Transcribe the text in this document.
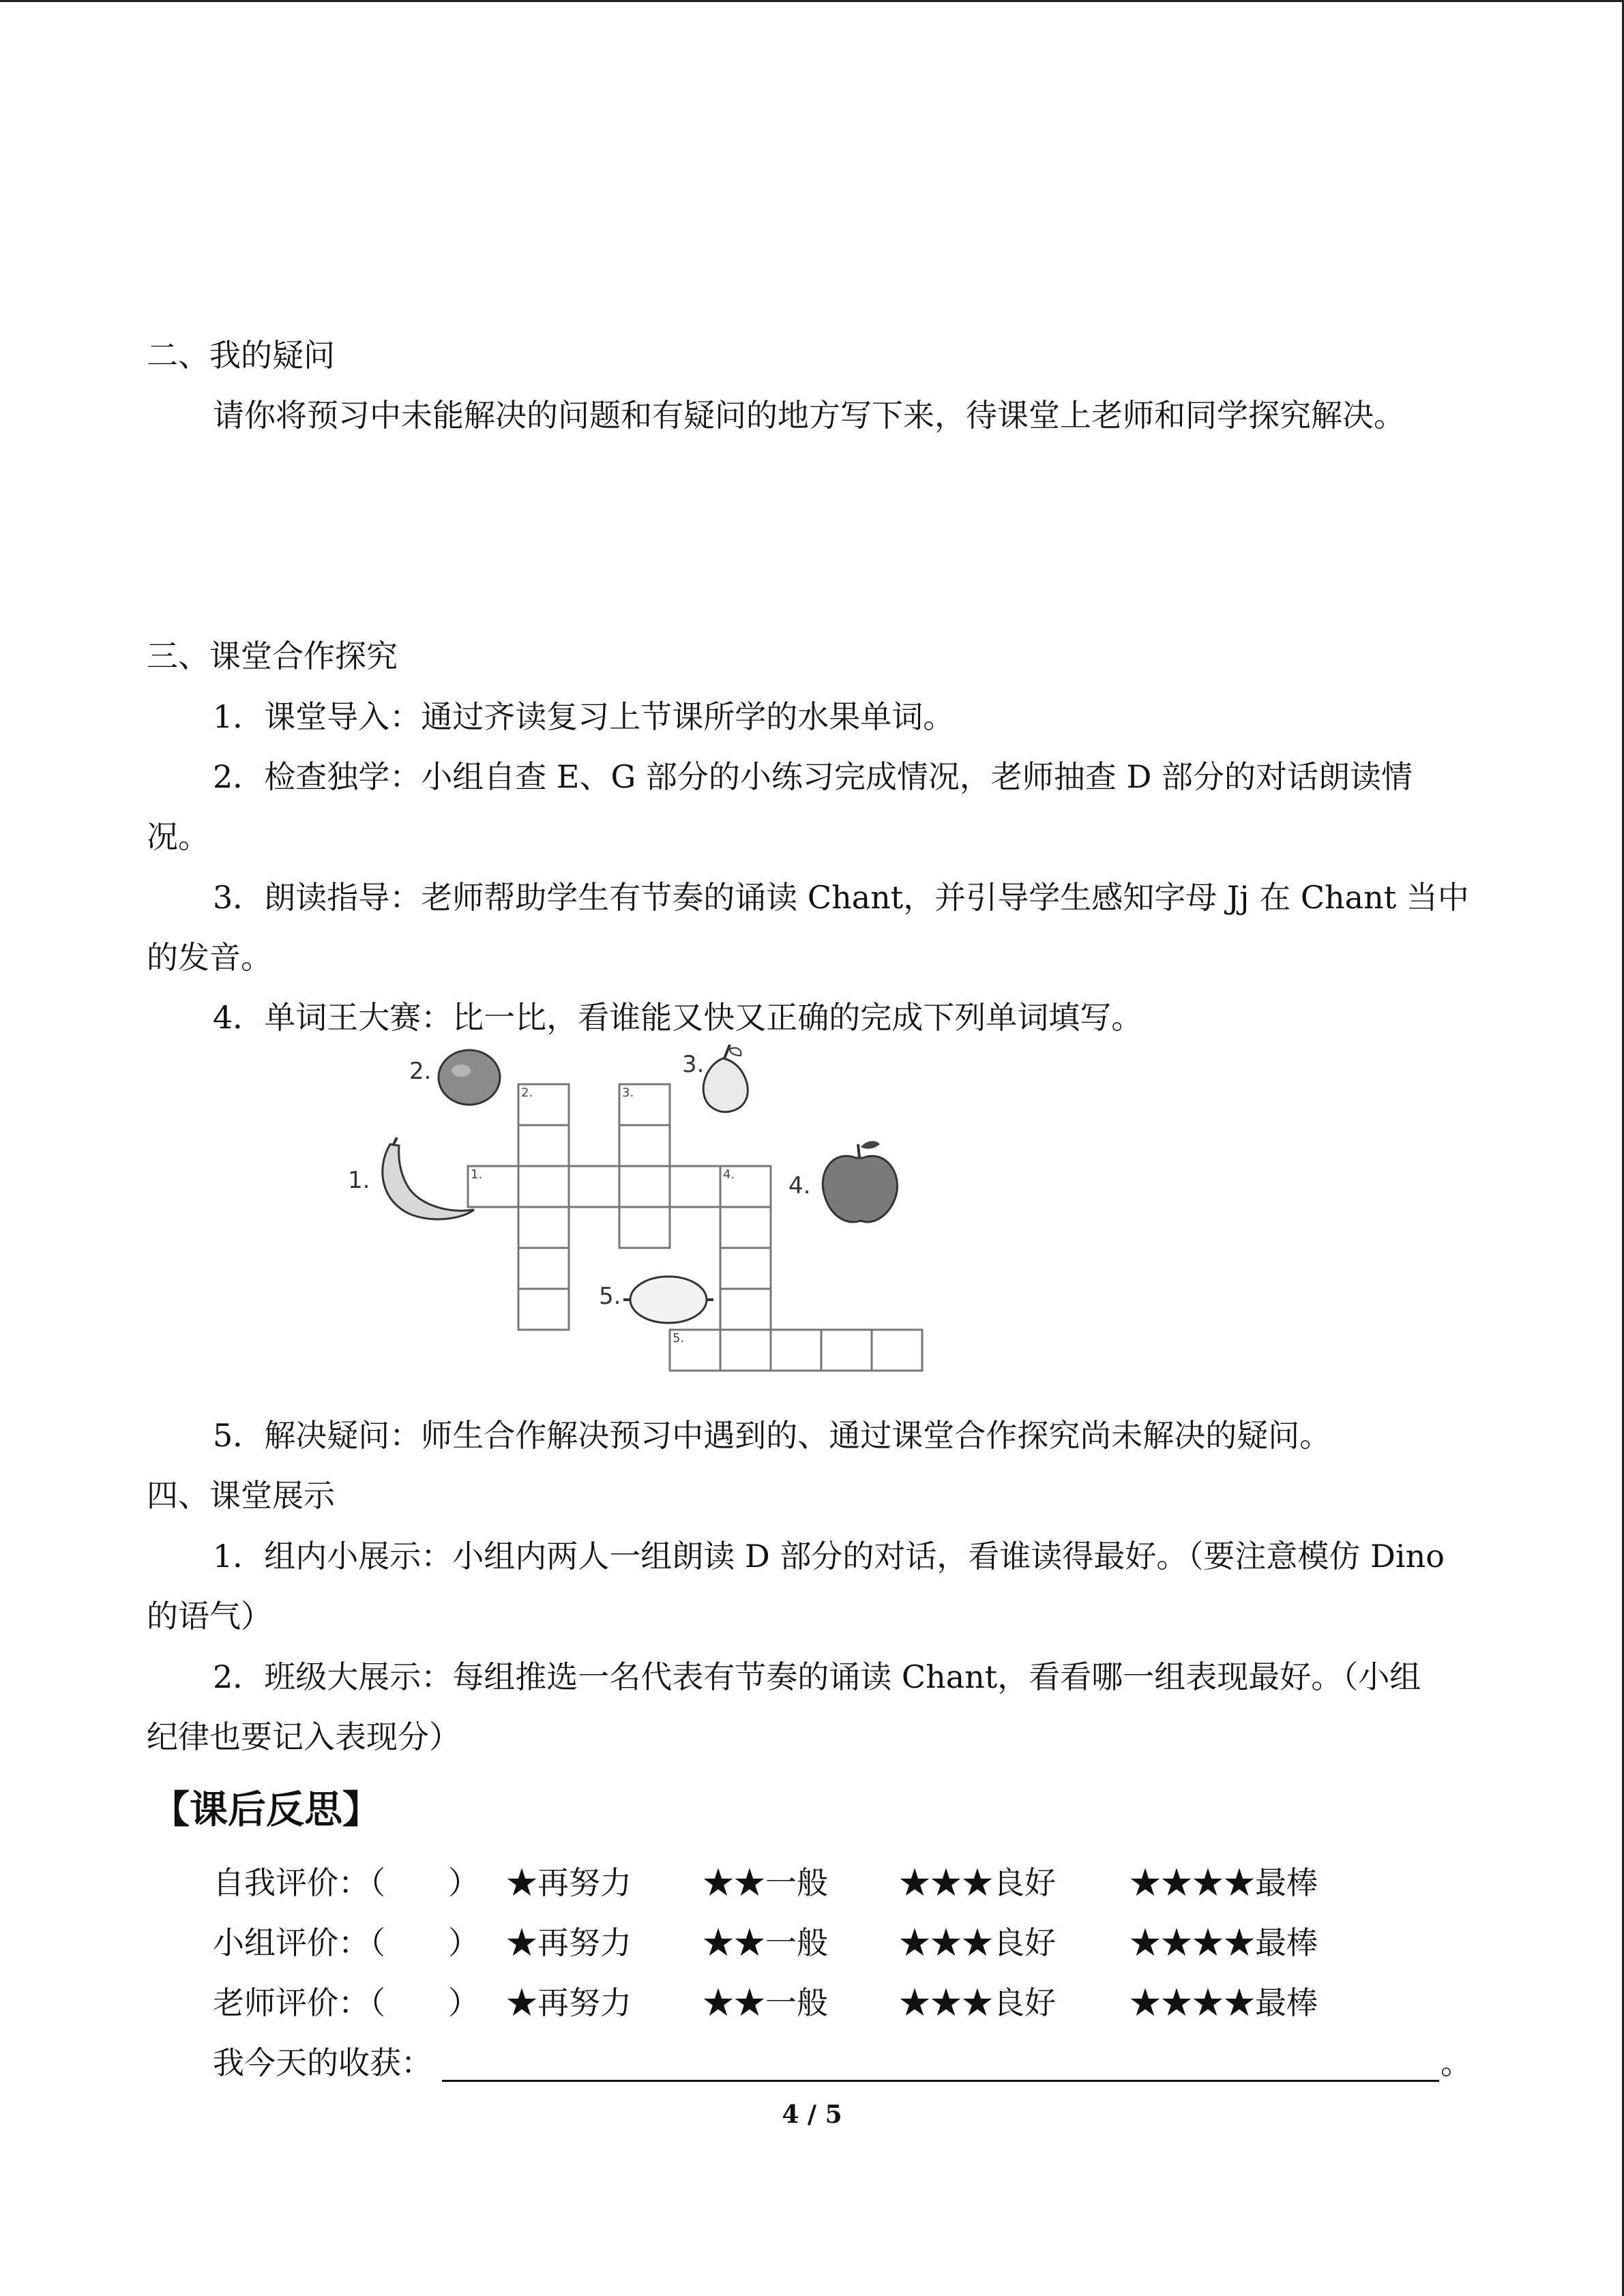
二、我的疑问
请你将预习中未能解决的问题和有疑问的地方写下来，待课堂上老师和同学探究解决。
三、课堂合作探究
1．课堂导入：通过齐读复习上节课所学的水果单词。
2．检查独学：小组自查 E、G 部分的小练习完成情况，老师抽查 D 部分的对话朗读情
况。
3．朗读指导：老师帮助学生有节奏的诵读 Chant，并引导学生感知字母 Jj 在 Chant 当中
的发音。
4．单词王大赛：比一比，看谁能又快又正确的完成下列单词填写。
1.
2.	3.
4.
5.
1.
2.	3.
4.
5.
5．解决疑问：师生合作解决预习中遇到的、通过课堂合作探究尚未解决的疑问。
四、课堂展示
1．组内小展示：小组内两人一组朗读 D 部分的对话，看谁读得最好。（要注意模仿 Dino
的语气）
2．班级大展示：每组推选一名代表有节奏的诵读 Chant，看看哪一组表现最好。（小组
纪律也要记入表现分）
【课后反思】
自我评价：（　　） ★再努力 ★★一般 ★★★良好 ★★★★最棒
小组评价：（　　） ★再努力 ★★一般 ★★★良好 ★★★★最棒
老师评价：（　　） ★再努力 ★★一般 ★★★良好 ★★★★最棒
我今天的收获：	。
4 / 5
